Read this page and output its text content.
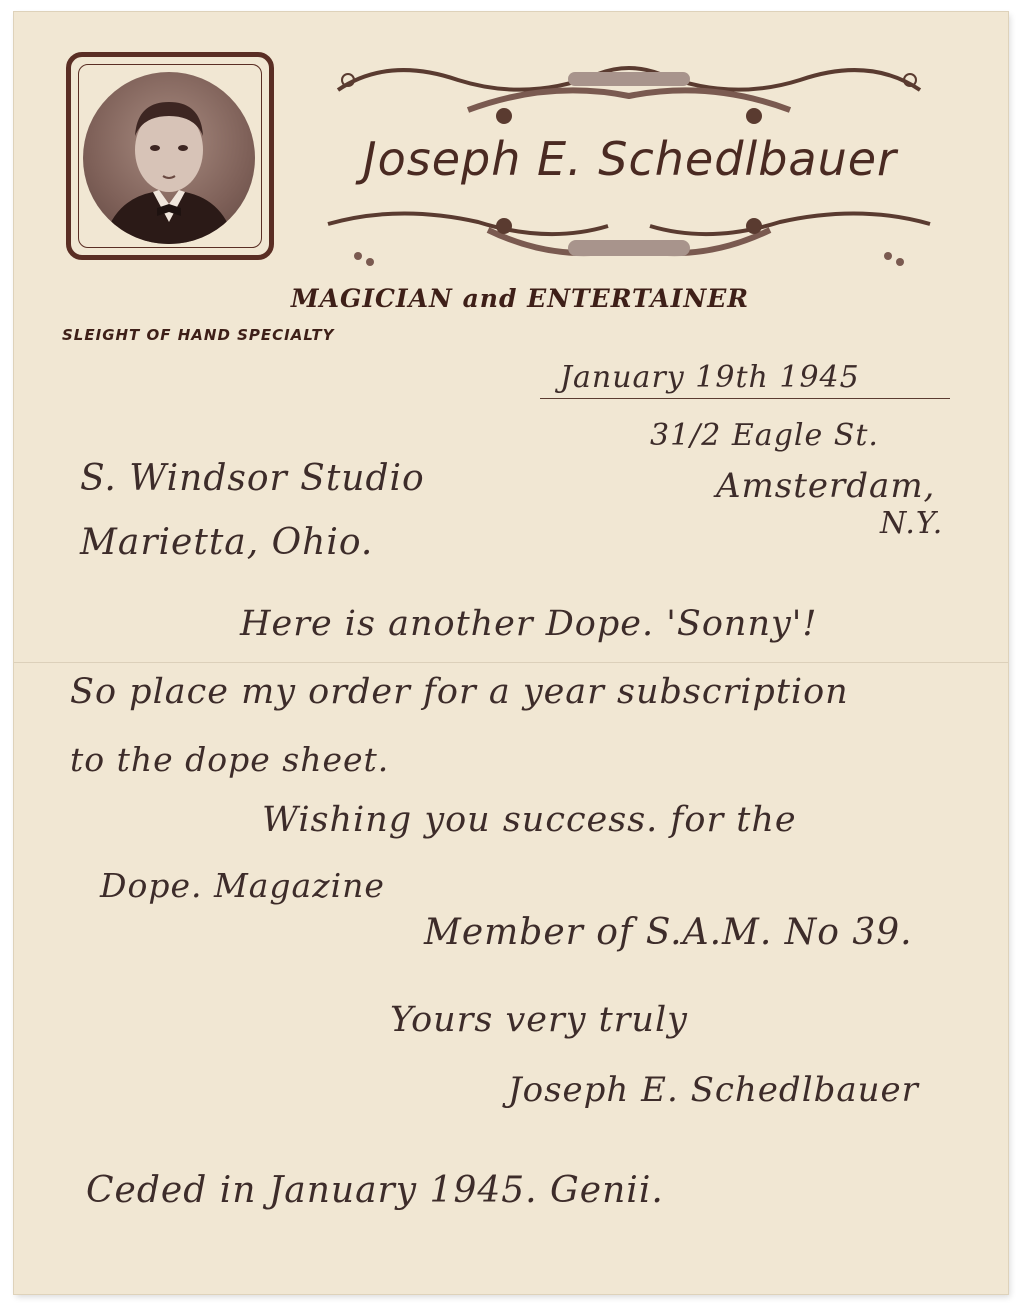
Joseph E. Schedlbauer
MAGICIAN and ENTERTAINER
SLEIGHT OF HAND SPECIALTY
January 19th 1945
31/2 Eagle St.
Amsterdam,
N.Y.
S. Windsor Studio
Marietta, Ohio.
Here is another Dope. 'Sonny'!
So place my order for a year subscription
to the dope sheet.
Wishing you success. for the
Dope. Magazine
Member of S.A.M. No 39.
Yours very truly
Joseph E. Schedlbauer
Ceded in January 1945. Genii.
